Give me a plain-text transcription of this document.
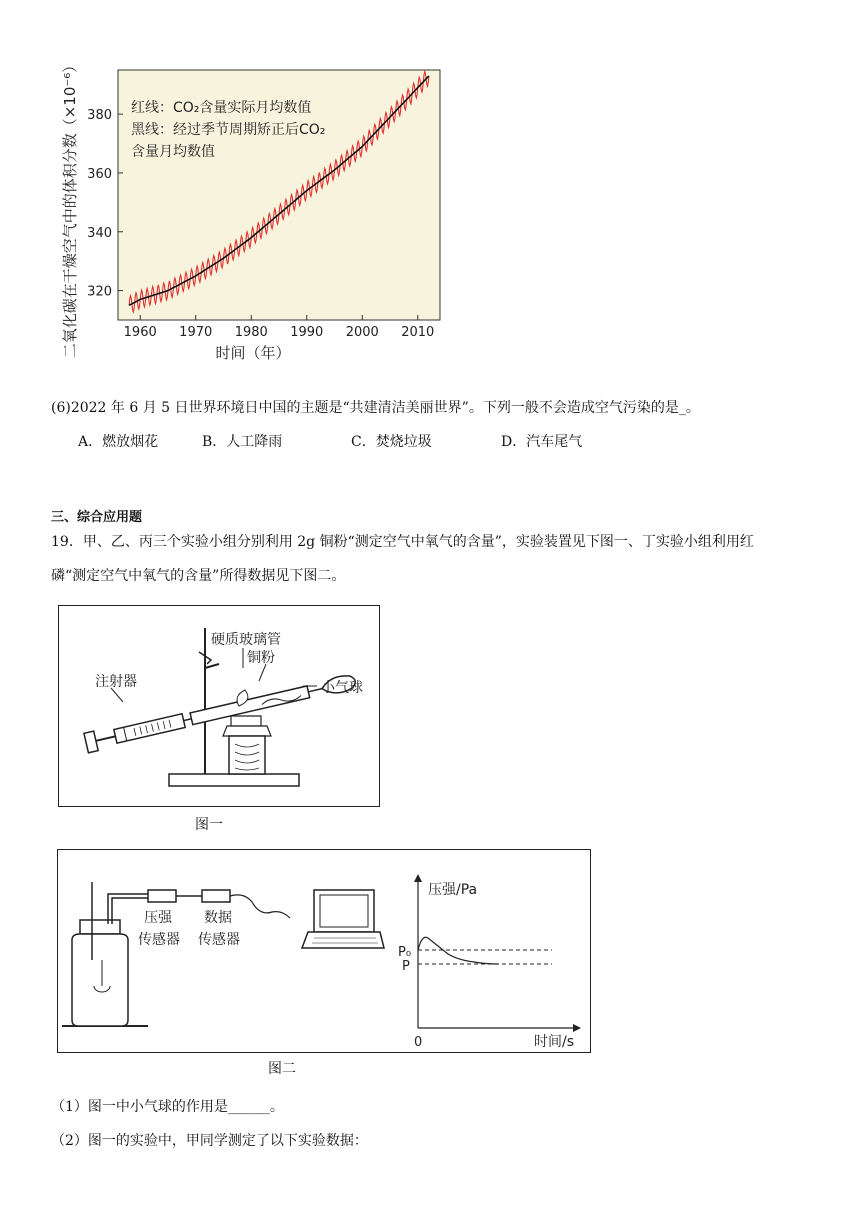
1960 1970 1980 1990 2000 2010
320
340
360
380
二氧化碳在干燥空气中的体积分数（×10⁻⁶）	时间（年）
红线：CO₂含量实际月均数值
黑线：经过季节周期矫正后CO₂
含量月均数值
(6)2022 年 6 月 5 日世界环境日中国的主题是“共建清洁美丽世界”。下列一般不会造成空气污染的是_。
A．燃放烟花	B．人工降雨	C．焚烧垃圾	D．汽车尾气
三、综合应用题
19．甲、乙、丙三个实验小组分别利用 2g 铜粉“测定空气中氧气的含量”，实验装置见下图一、丁实验小组利用红
磷“测定空气中氧气的含量”所得数据见下图二。
注射器
硬质玻璃管
铜粉
小气球
图一
压强
传感器
数据
传感器
压强/Pa
时间/s
P₀
P
0
图二
（1）图一中小气球的作用是______。
（2）图一的实验中，甲同学测定了以下实验数据：
